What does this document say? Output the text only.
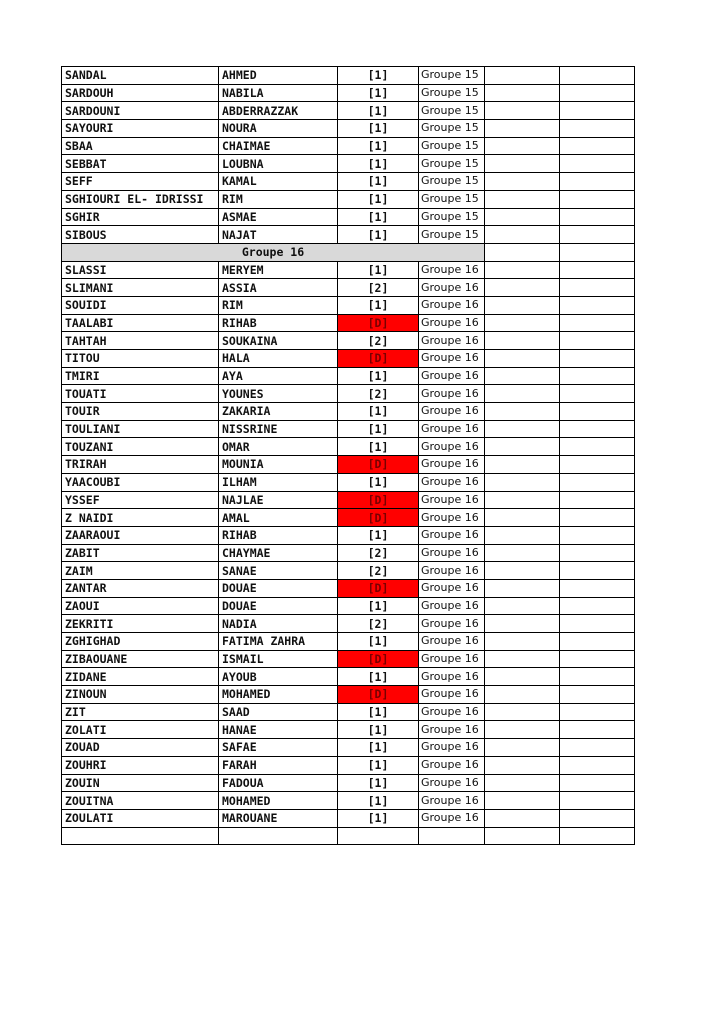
SANDAL	AHMED	[1]	Groupe 15		
SARDOUH	NABILA	[1]	Groupe 15		
SARDOUNI	ABDERRAZZAK	[1]	Groupe 15		
SAYOURI	NOURA	[1]	Groupe 15		
SBAA	CHAIMAE	[1]	Groupe 15		
SEBBAT	LOUBNA	[1]	Groupe 15		
SEFF	KAMAL	[1]	Groupe 15		
SGHIOURI EL- IDRISSI	RIM	[1]	Groupe 15		
SGHIR	ASMAE	[1]	Groupe 15		
SIBOUS	NAJAT	[1]	Groupe 15		
Groupe 16					
SLASSI	MERYEM	[1]	Groupe 16		
SLIMANI	ASSIA	[2]	Groupe 16		
SOUIDI	RIM	[1]	Groupe 16		
TAALABI	RIHAB	[D]	Groupe 16		
TAHTAH	SOUKAINA	[2]	Groupe 16		
TITOU	HALA	[D]	Groupe 16		
TMIRI	AYA	[1]	Groupe 16		
TOUATI	YOUNES	[2]	Groupe 16		
TOUIR	ZAKARIA	[1]	Groupe 16		
TOULIANI	NISSRINE	[1]	Groupe 16		
TOUZANI	OMAR	[1]	Groupe 16		
TRIRAH	MOUNIA	[D]	Groupe 16		
YAACOUBI	ILHAM	[1]	Groupe 16		
YSSEF	NAJLAE	[D]	Groupe 16		
Z NAIDI	AMAL	[D]	Groupe 16		
ZAARAOUI	RIHAB	[1]	Groupe 16		
ZABIT	CHAYMAE	[2]	Groupe 16		
ZAIM	SANAE	[2]	Groupe 16		
ZANTAR	DOUAE	[D]	Groupe 16		
ZAOUI	DOUAE	[1]	Groupe 16		
ZEKRITI	NADIA	[2]	Groupe 16		
ZGHIGHAD	FATIMA ZAHRA	[1]	Groupe 16		
ZIBAOUANE	ISMAIL	[D]	Groupe 16		
ZIDANE	AYOUB	[1]	Groupe 16		
ZINOUN	MOHAMED	[D]	Groupe 16		
ZIT	SAAD	[1]	Groupe 16		
ZOLATI	HANAE	[1]	Groupe 16		
ZOUAD	SAFAE	[1]	Groupe 16		
ZOUHRI	FARAH	[1]	Groupe 16		
ZOUIN	FADOUA	[1]	Groupe 16		
ZOUITNA	MOHAMED	[1]	Groupe 16		
ZOULATI	MAROUANE	[1]	Groupe 16		
